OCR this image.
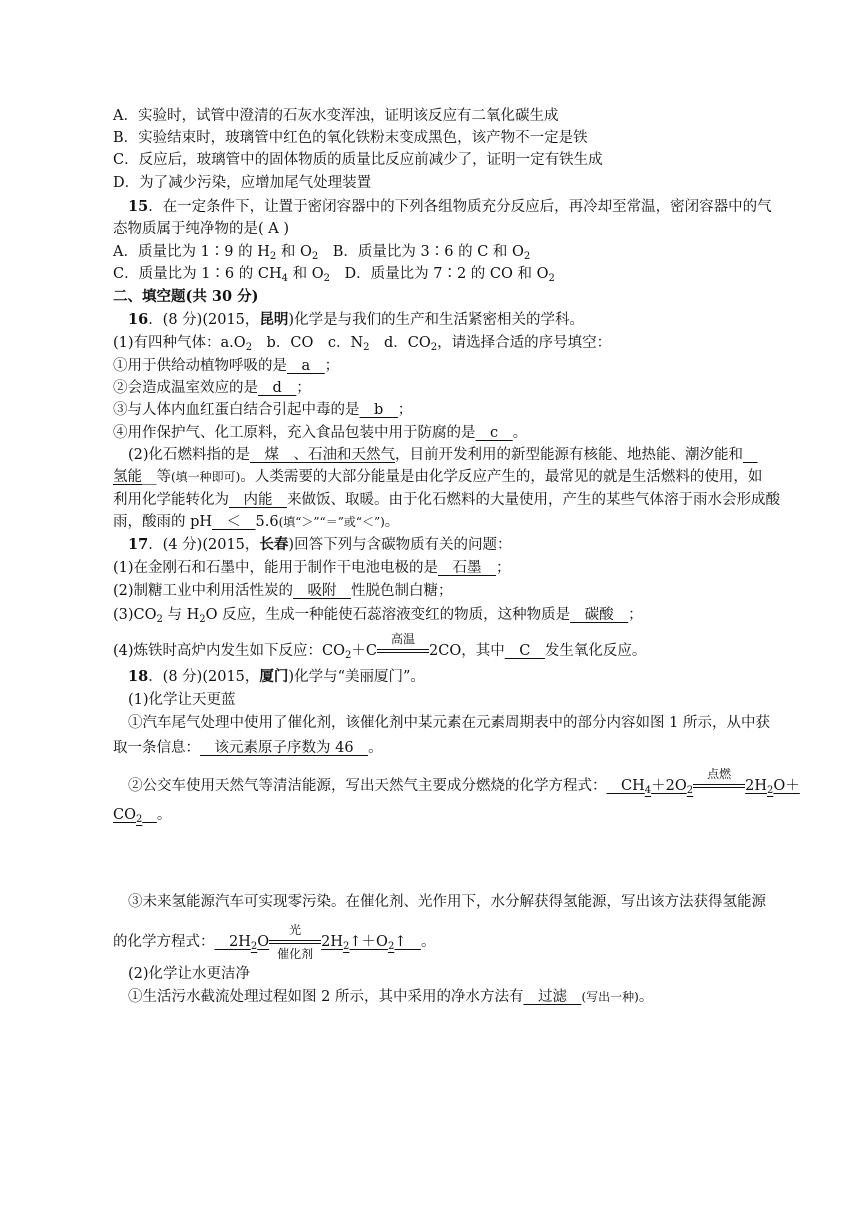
A．实验时，试管中澄清的石灰水变浑浊，证明该反应有二氧化碳生成
B．实验结束时，玻璃管中红色的氧化铁粉末变成黑色，该产物不一定是铁
C．反应后，玻璃管中的固体物质的质量比反应前减少了，证明一定有铁生成
D．为了减少污染，应增加尾气处理装置
15．在一定条件下，让置于密闭容器中的下列各组物质充分反应后，再冷却至常温，密闭容器中的气
态物质属于纯净物的是( A )
A．质量比为 1∶9 的 $H_2$ 和 $O_2$　B．质量比为 3∶6 的 C 和 $O_2$
C．质量比为 1∶6 的 $CH_4$ 和 $O_2$　D．质量比为 7∶2 的 CO 和 $O_2$
二、填空题(共 30 分)
16．(8 分)(2015，昆明)化学是与我们的生产和生活紧密相关的学科。
(1)有四种气体：$a.O_2$　b．CO　c．$N_2$　d．$CO_2$，请选择合适的序号填空：
①用于供给动植物呼吸的是__a__；
②会造成温室效应的是__d__；
③与人体内血红蛋白结合引起中毒的是__b__；
④用作保护气、化工原料，充入食品包装中用于防腐的是__c__。
(2)化石燃料指的是__煤__、石油和天然气，目前开发利用的新型能源有核能、地热能、潮汐能和__
氢能__等(填一种即可)。人类需要的大部分能量是由化学反应产生的，最常见的就是生活燃料的使用，如
利用化学能转化为__内能__来做饭、取暖。由于化石燃料的大量使用，产生的某些气体溶于雨水会形成酸
雨，酸雨的 pH__＜__5.6(填“＞”“＝”或“＜”)。
17．(4 分)(2015，长春)回答下列与含碳物质有关的问题：
(1)在金刚石和石墨中，能用于制作干电池电极的是__石墨__；
(2)制糖工业中利用活性炭的__吸附__性脱色制白糖；
$(3)CO_2$ 与 $H_2O$ 反应，生成一种能使石蕊溶液变红的物质，这种物质是__碳酸__；
(4)炼铁时高炉内发生如下反应：$CO_2+C$
高温
2CO，其中__C__发生氧化反应。
18．(8 分)(2015，厦门)化学与“美丽厦门”。
(1)化学让天更蓝
①汽车尾气处理中使用了催化剂，该催化剂中某元素在元素周期表中的部分内容如图 1 所示，从中获
取一条信息：__该元素原子序数为 46__。
②公交车使用天然气等清洁能源，写出天然气主要成分燃烧的化学方程式：$\_\_CH_4+2O_2$
点燃
$2H_2O+$
$CO_2\_\_$。
③未来氢能源汽车可实现零污染。在催化剂、光作用下，水分解获得氢能源，写出该方法获得氢能源
的化学方程式：$\_\_2H_2O$
光
催化剂
$2H_2↑+O_2↑\_\_$。
(2)化学让水更洁净
①生活污水截流处理过程如图 2 所示，其中采用的净水方法有__过滤__(写出一种)。
